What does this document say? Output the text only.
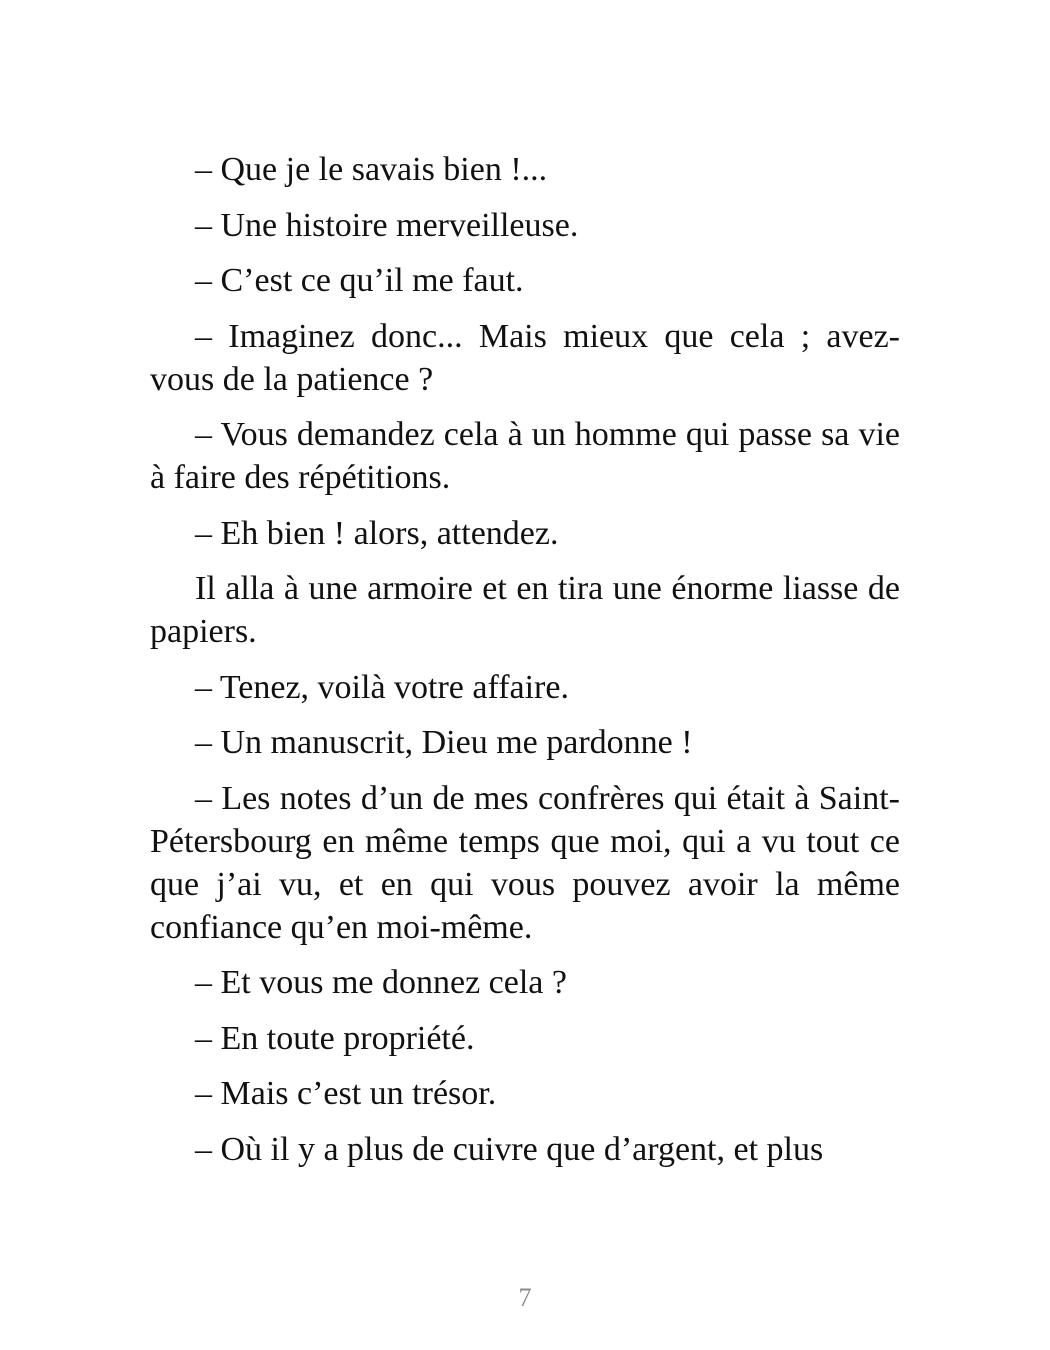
– Que je le savais bien !...

– Une histoire merveilleuse.

– C’est ce qu’il me faut.

– Imaginez donc... Mais mieux que cela ; avez-vous de la patience ?

– Vous demandez cela à un homme qui passe sa vie à faire des répétitions.

– Eh bien ! alors, attendez.

Il alla à une armoire et en tira une énorme liasse de papiers.

– Tenez, voilà votre affaire.

– Un manuscrit, Dieu me pardonne !

– Les notes d’un de mes confrères qui était à Saint-Pétersbourg en même temps que moi, qui a vu tout ce que j’ai vu, et en qui vous pouvez avoir la même confiance qu’en moi-même.

– Et vous me donnez cela ?

– En toute propriété.

– Mais c’est un trésor.

– Où il y a plus de cuivre que d’argent, et plus

7
